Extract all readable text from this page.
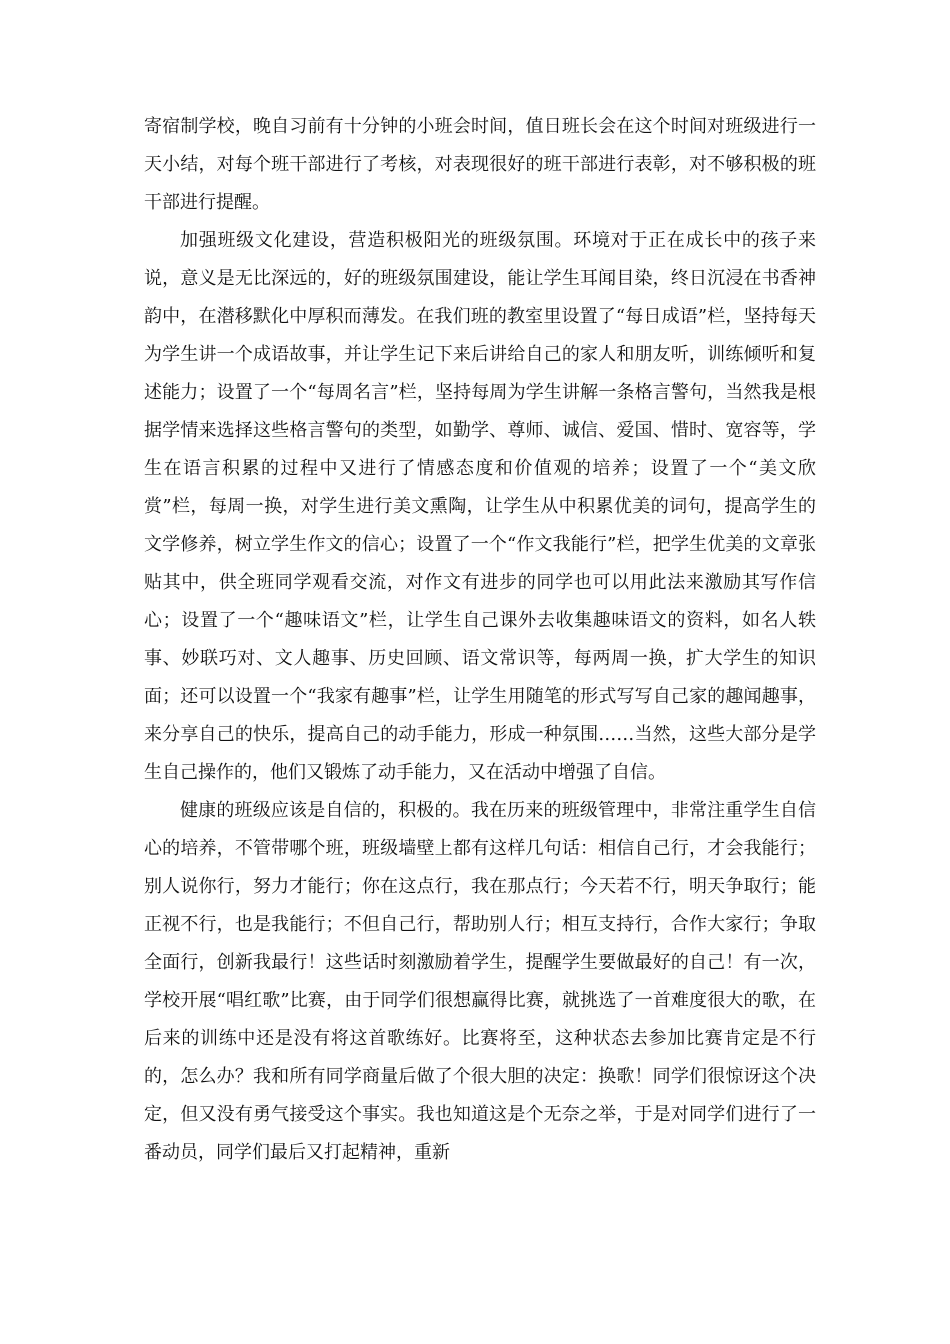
寄宿制学校，晚自习前有十分钟的小班会时间，值日班长会在这个时间对班级进行一天小结，对每个班干部进行了考核，对表现很好的班干部进行表彰，对不够积极的班干部进行提醒。

加强班级文化建设，营造积极阳光的班级氛围。环境对于正在成长中的孩子来说，意义是无比深远的，好的班级氛围建设，能让学生耳闻目染，终日沉浸在书香神韵中，在潜移默化中厚积而薄发。在我们班的教室里设置了“每日成语”栏，坚持每天为学生讲一个成语故事，并让学生记下来后讲给自己的家人和朋友听，训练倾听和复述能力；设置了一个“每周名言”栏，坚持每周为学生讲解一条格言警句，当然我是根据学情来选择这些格言警句的类型，如勤学、尊师、诚信、爱国、惜时、宽容等，学生在语言积累的过程中又进行了情感态度和价值观的培养；设置了一个“美文欣赏”栏，每周一换，对学生进行美文熏陶，让学生从中积累优美的词句，提高学生的文学修养，树立学生作文的信心；设置了一个“作文我能行”栏，把学生优美的文章张贴其中，供全班同学观看交流，对作文有进步的同学也可以用此法来激励其写作信心；设置了一个“趣味语文”栏，让学生自己课外去收集趣味语文的资料，如名人轶事、妙联巧对、文人趣事、历史回顾、语文常识等，每两周一换，扩大学生的知识面；还可以设置一个“我家有趣事”栏，让学生用随笔的形式写写自己家的趣闻趣事，来分享自己的快乐，提高自己的动手能力，形成一种氛围……当然，这些大部分是学生自己操作的，他们又锻炼了动手能力，又在活动中增强了自信。

健康的班级应该是自信的，积极的。我在历来的班级管理中，非常注重学生自信心的培养，不管带哪个班，班级墙壁上都有这样几句话：相信自己行，才会我能行；别人说你行，努力才能行；你在这点行，我在那点行；今天若不行，明天争取行；能正视不行，也是我能行；不但自己行，帮助别人行；相互支持行，合作大家行；争取全面行，创新我最行！这些话时刻激励着学生，提醒学生要做最好的自己！有一次，学校开展“唱红歌”比赛，由于同学们很想赢得比赛，就挑选了一首难度很大的歌，在后来的训练中还是没有将这首歌练好。比赛将至，这种状态去参加比赛肯定是不行的，怎么办？我和所有同学商量后做了个很大胆的决定：换歌！同学们很惊讶这个决定，但又没有勇气接受这个事实。我也知道这是个无奈之举，于是对同学们进行了一番动员，同学们最后又打起精神，重新
